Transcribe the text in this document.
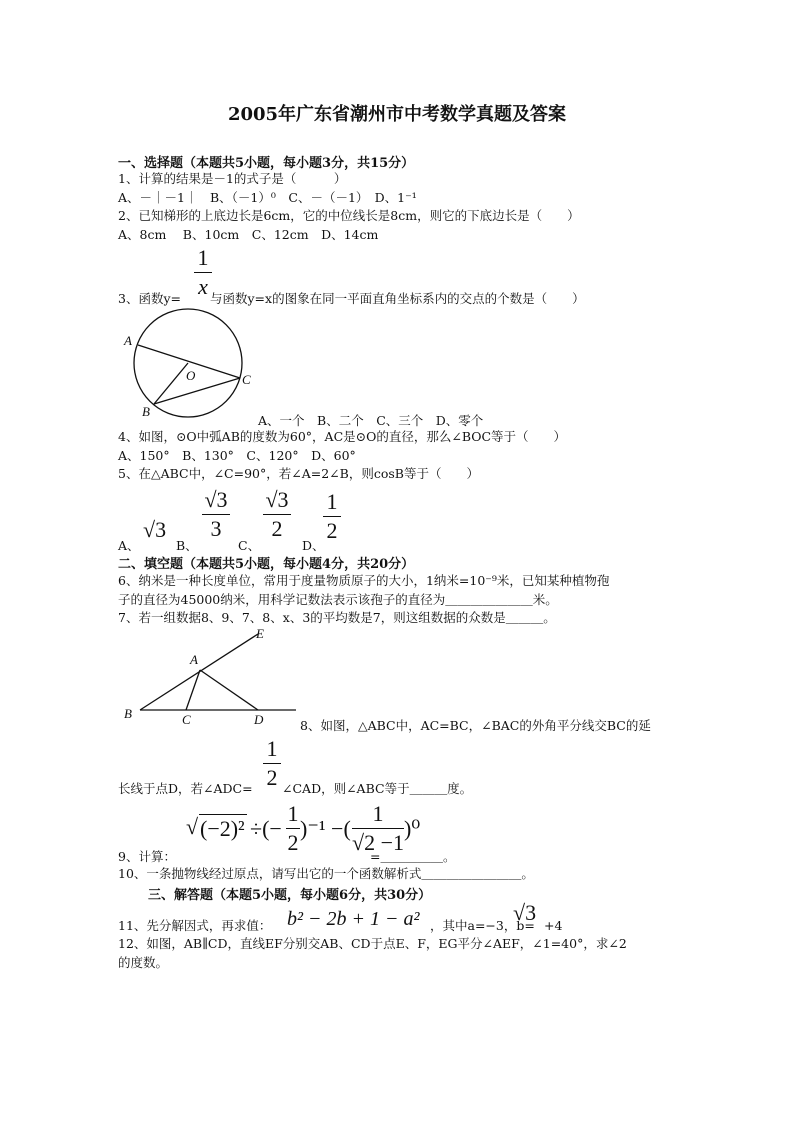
2005年广东省潮州市中考数学真题及答案
一、选择题（本题共5小题，每小题3分，共15分）
1、计算的结果是－1的式子是（　　　）
A、－｜－1｜　B、（－1）⁰　C、－（－1）　D、1⁻¹
2、已知梯形的上底边长是6cm，它的中位线长是8cm，则它的下底边长是（　　）
A、8cm　 B、10cm　C、12cm　D、14cm
1
x
3、函数y= 与函数y=x的图象在同一平面直角坐标系内的交点的个数是（　　）
A
O	C
B
A、一个　B、二个　C、三个　D、零个
4、如图，⊙O中弧AB的度数为60°，AC是⊙O的直径，那么∠BOC等于（　　）
A、150°　B、130°　C、120°　D、60°
5、在△ABC中，∠C=90°，若∠A=2∠B，则cosB等于（　　）
A、
√3
B、
√3
3
C、
√3
2
D、
1
2
二、填空题（本题共5小题，每小题4分，共20分）
6、纳米是一种长度单位，常用于度量物质原子的大小，1纳米=10⁻⁹米，已知某种植物孢
子的直径为45000纳米，用科学记数法表示该孢子的直径为＿＿＿＿＿＿＿米。
7、若一组数据8、9、7、8、x、3的平均数是7，则这组数据的众数是＿＿＿。
E
A
B	C	D	8、如图，△ABC中，AC=BC，∠BAC的外角平分线交BC的延
1
2
长线于点D，若∠ADC= ∠CAD，则∠ABC等于＿＿＿度。
√ (−2)² ÷(−
1
2
)⁻¹ −(
1
√2 −1
)⁰
9、计算：	=＿＿＿＿＿。
10、一条抛物线经过原点，请写出它的一个函数解析式＿＿＿＿＿＿＿＿。
三、解答题（本题5小题，每小题6分，共30分）
11、先分解因式，再求值： b² − 2b + 1 − a² ，其中a=−3，b=
√3
+4
12、如图，AB∥CD，直线EF分别交AB、CD于点E、F，EG平分∠AEF，∠1=40°，求∠2
的度数。
